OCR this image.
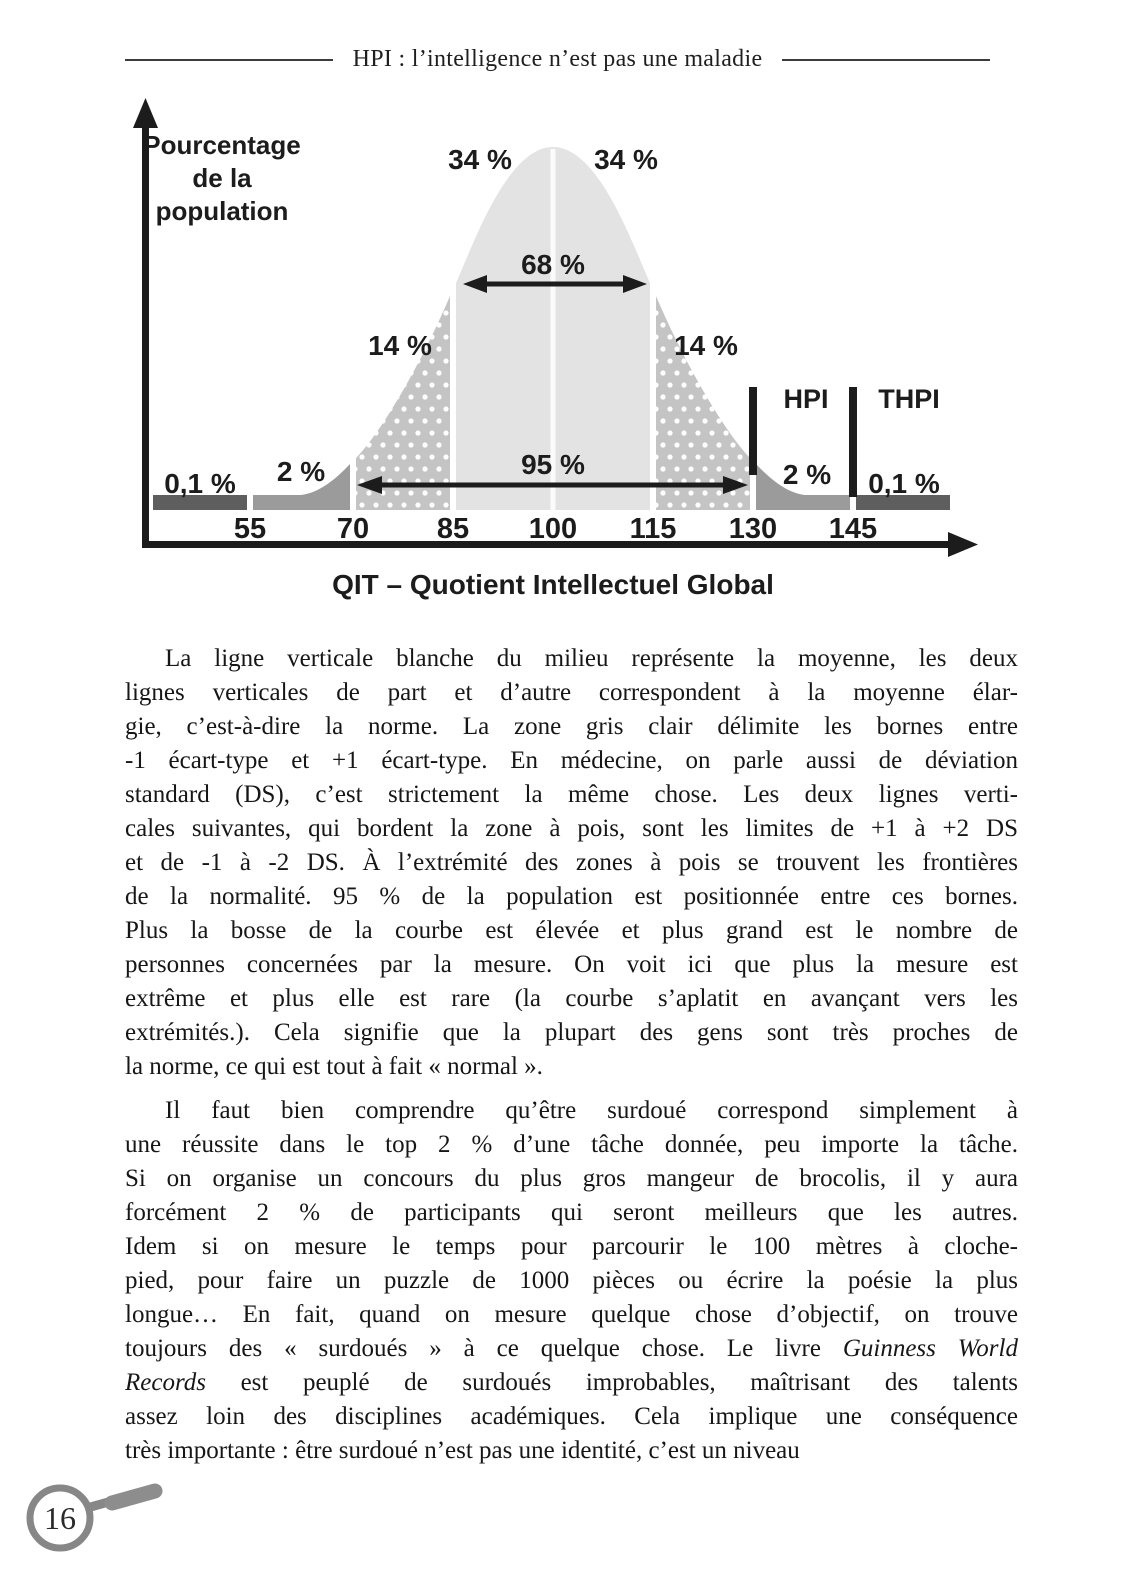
HPI : l’intelligence n’est pas une maladie
Pourcentage
de la
population
34 %	34 %
68 %
14 %	14 %
95 %
2 %	2 %
0,1 %	0,1 %
HPI THPI
55 70 85 100 115 130 145
QIT – Quotient Intellectuel Global
La ligne verticale blanche du milieu représente la moyenne, les deux
lignes verticales de part et d’autre correspondent à la moyenne élar-
gie, c’est-à-dire la norme. La zone gris clair délimite les bornes entre
-1 écart-type et +1 écart-type. En médecine, on parle aussi de déviation
standard (DS), c’est strictement la même chose. Les deux lignes verti-
cales suivantes, qui bordent la zone à pois, sont les limites de +1 à +2 DS
et de -1 à -2 DS. À l’extrémité des zones à pois se trouvent les frontières
de la normalité. 95 % de la population est positionnée entre ces bornes.
Plus la bosse de la courbe est élevée et plus grand est le nombre de
personnes concernées par la mesure. On voit ici que plus la mesure est
extrême et plus elle est rare (la courbe s’aplatit en avançant vers les
extrémités.). Cela signifie que la plupart des gens sont très proches de
la norme, ce qui est tout à fait « normal ».
Il faut bien comprendre qu’être surdoué correspond simplement à
une réussite dans le top 2 % d’une tâche donnée, peu importe la tâche.
Si on organise un concours du plus gros mangeur de brocolis, il y aura
forcément 2 % de participants qui seront meilleurs que les autres.
Idem si on mesure le temps pour parcourir le 100 mètres à cloche-
pied, pour faire un puzzle de 1000 pièces ou écrire la poésie la plus
longue… En fait, quand on mesure quelque chose d’objectif, on trouve
toujours des « surdoués » à ce quelque chose. Le livre Guinness World
Records est peuplé de surdoués improbables, maîtrisant des talents
assez loin des disciplines académiques. Cela implique une conséquence
très importante : être surdoué n’est pas une identité, c’est un niveau
16
